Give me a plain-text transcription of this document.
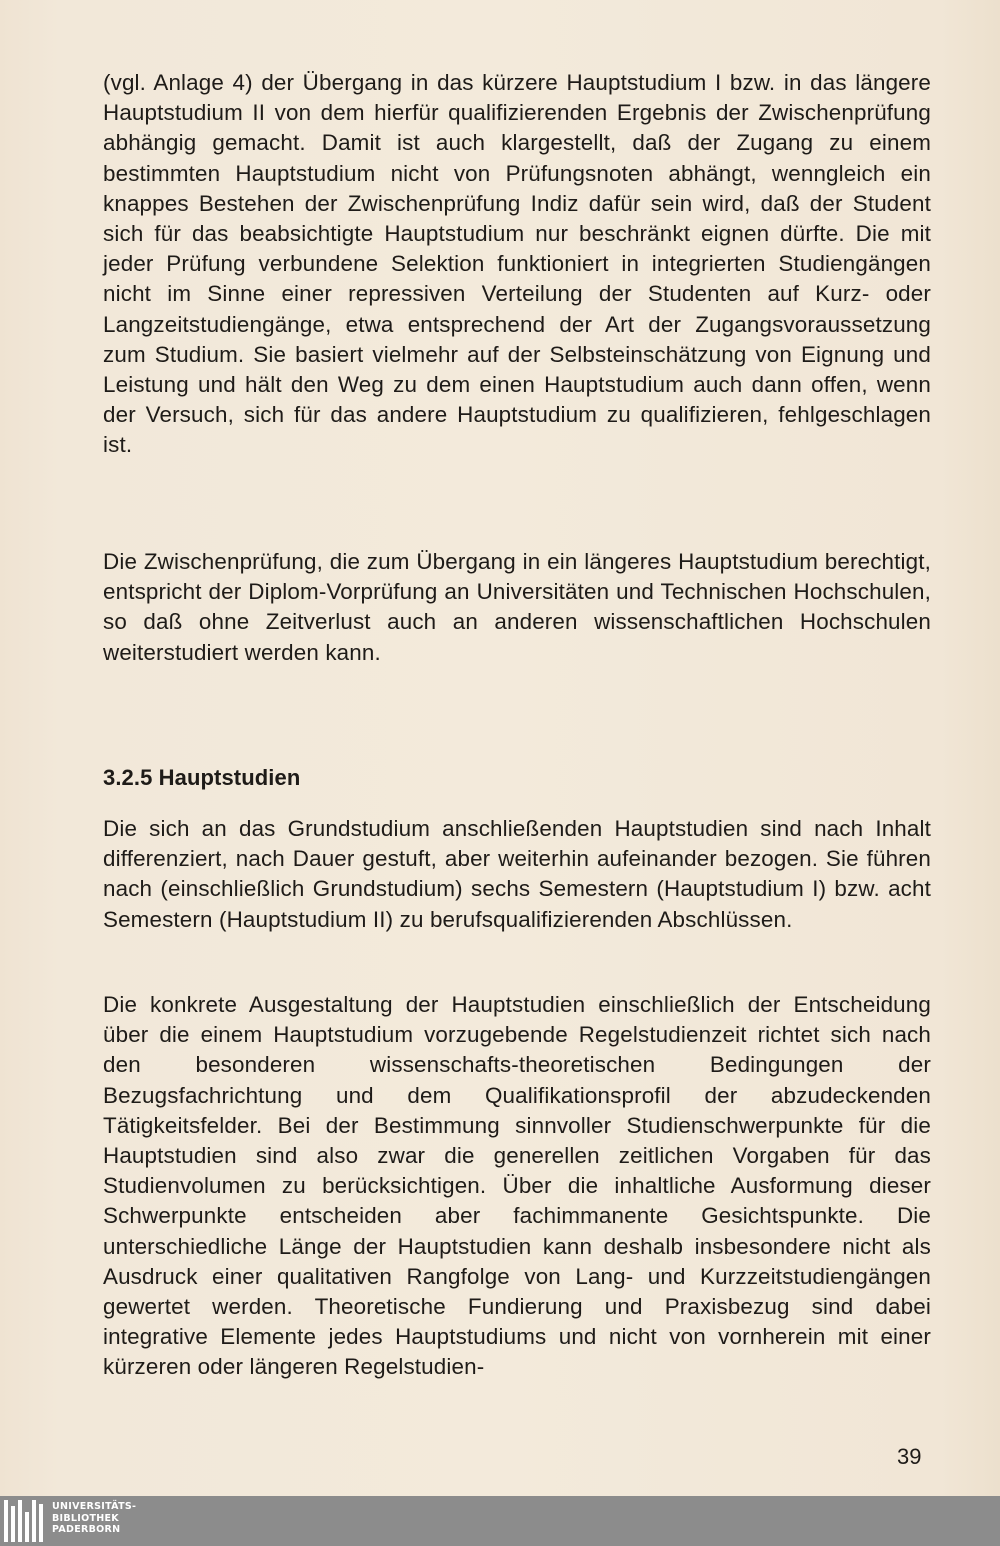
(vgl. Anlage 4) der Übergang in das kürzere Hauptstudium I bzw. in das längere Hauptstudium II von dem hierfür qualifizierenden Ergebnis der Zwischenprüfung abhängig gemacht. Damit ist auch klargestellt, daß der Zugang zu einem bestimmten Hauptstudium nicht von Prüfungsnoten abhängt, wenngleich ein knappes Bestehen der Zwischenprüfung Indiz dafür sein wird, daß der Student sich für das beabsichtigte Hauptstudium nur beschränkt eignen dürfte. Die mit jeder Prüfung verbundene Selektion funktioniert in integrierten Studiengängen nicht im Sinne einer repressiven Verteilung der Studenten auf Kurz- oder Langzeitstudiengänge, etwa entsprechend der Art der Zugangsvoraussetzung zum Studium. Sie basiert vielmehr auf der Selbsteinschätzung von Eignung und Leistung und hält den Weg zu dem einen Hauptstudium auch dann offen, wenn der Versuch, sich für das andere Hauptstudium zu qualifizieren, fehlgeschlagen ist.

Die Zwischenprüfung, die zum Übergang in ein längeres Hauptstudium berechtigt, entspricht der Diplom-Vorprüfung an Universitäten und Technischen Hochschulen, so daß ohne Zeitverlust auch an anderen wissenschaftlichen Hochschulen weiterstudiert werden kann.

3.2.5 Hauptstudien

Die sich an das Grundstudium anschließenden Hauptstudien sind nach Inhalt differenziert, nach Dauer gestuft, aber weiterhin aufeinander bezogen. Sie führen nach (einschließlich Grundstudium) sechs Semestern (Hauptstudium I) bzw. acht Semestern (Hauptstudium II) zu berufsqualifizierenden Abschlüssen.

Die konkrete Ausgestaltung der Hauptstudien einschließlich der Entscheidung über die einem Hauptstudium vorzugebende Regelstudienzeit richtet sich nach den besonderen wissenschafts-theoretischen Bedingungen der Bezugsfachrichtung und dem Qualifikationsprofil der abzudeckenden Tätigkeitsfelder. Bei der Bestimmung sinnvoller Studienschwerpunkte für die Hauptstudien sind also zwar die generellen zeitlichen Vorgaben für das Studienvolumen zu berücksichtigen. Über die inhaltliche Ausformung dieser Schwerpunkte entscheiden aber fachimmanente Gesichtspunkte. Die unterschiedliche Länge der Hauptstudien kann deshalb insbesondere nicht als Ausdruck einer qualitativen Rangfolge von Lang- und Kurzzeitstudiengängen gewertet werden. Theoretische Fundierung und Praxisbezug sind dabei integrative Elemente jedes Hauptstudiums und nicht von vornherein mit einer kürzeren oder längeren Regelstudien-

39
UNIVERSITÄTS-
BIBLIOTHEK
PADERBORN
